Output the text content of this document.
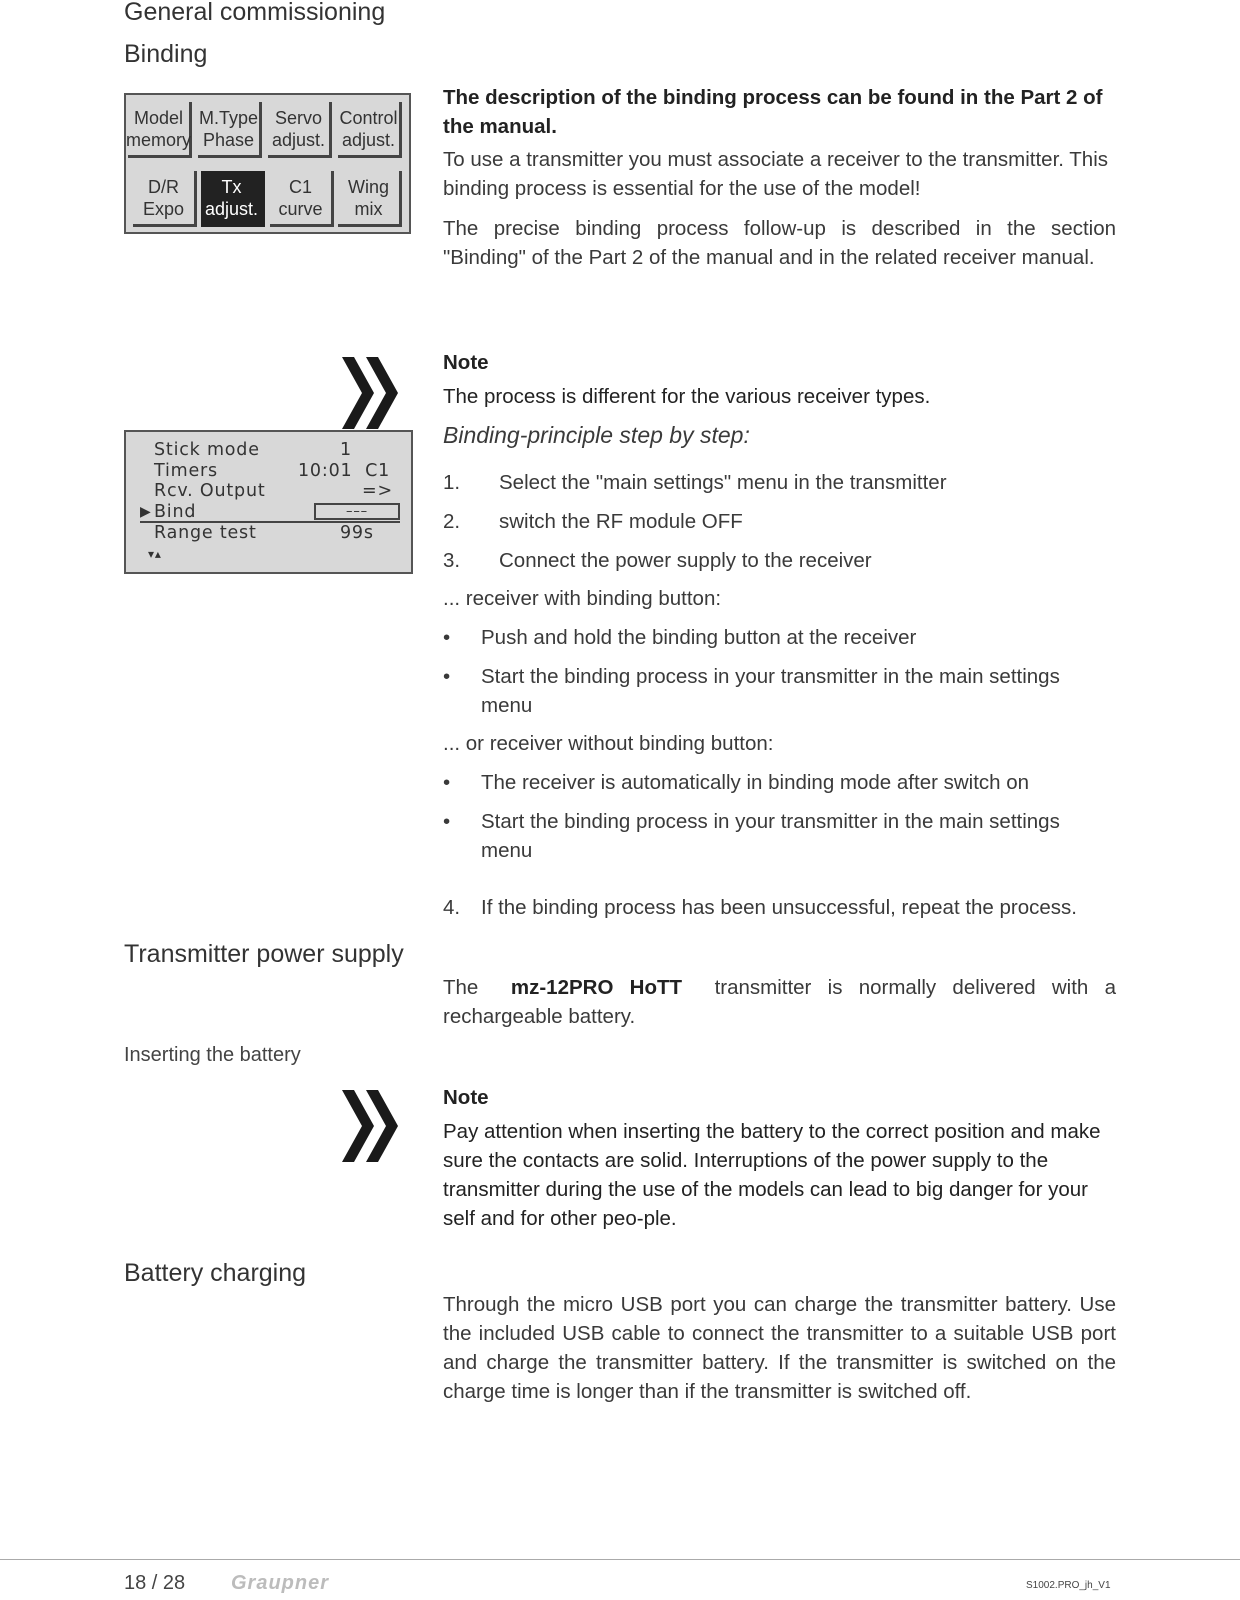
General commissioning
Binding
Model
memory
M.Type
Phase
Servo
adjust.
Control
adjust.
D/R
Expo
Tx
adjust.
C1
curve
Wing
mix
Stick mode	1
Timers	10:01  C1
Rcv. Output	=>
▶ Bind	–––
Range test	99s
▾▴

The description of the binding process can be found in the Part 2 of the manual.

To use a transmitter you must associate a receiver to the transmitter. This binding process is essential for the use of the model!

The precise binding process follow-up is described in the section "Binding" of the Part 2 of the manual and in the related receiver manual.

Note
The process is different for the various receiver types.
Binding-principle step by step:
1. Select the "main settings" menu in the transmitter
2. switch the RF module OFF
3. Connect the power supply to the receiver
... receiver with binding button:
• Push and hold the binding button at the receiver
• Start the binding process in your transmitter in the main settings menu
... or receiver without binding button:
• The receiver is automatically in binding mode after switch on
• Start the binding process in your transmitter in the main settings menu
4. If the binding process has been unsuccessful, repeat the process.
Transmitter power supply
The mz-12PRO HoTT transmitter is normally delivered with a rechargeable battery.
Inserting the battery
Note
Pay attention when inserting the battery to the correct position and make sure the contacts are solid. Interruptions of the power supply to the transmitter during the use of the models can lead to big danger for your self and for other peo-ple.
Battery charging
Through the micro USB port you can charge the transmitter battery. Use the included USB cable to connect the transmitter to a suitable USB port and charge the transmitter battery. If the transmitter is switched on the charge time is longer than if the transmitter is switched off.
18 / 28 Graupner	S1002.PRO_jh_V1
